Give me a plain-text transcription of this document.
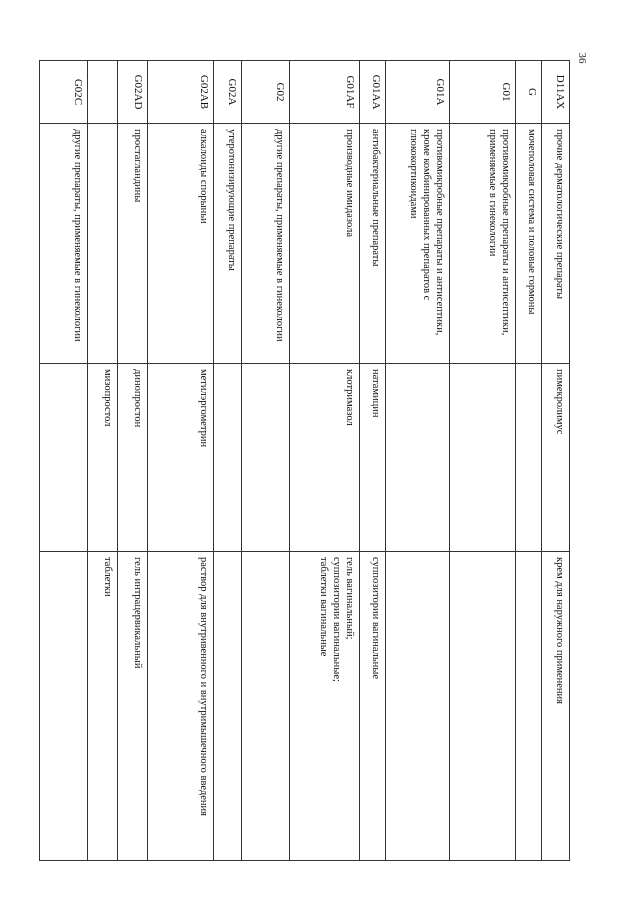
36
D11AX	прочие дерматологические препараты	пимекролимус	крем для наружного применения

G	мочеполовая система и половые гормоны		
G01	противомикробные препараты и антисептики, применяемые в гинекологии		
G01A	противомикробные препараты и антисептики, кроме комбинированных препаратов с глюкокортикоидами		
G01AA	антибактериальные препараты	натамицин	суппозитории вагинальные

G01AF	производные имидазола	клотримазол	гель вагинальный;
суппозитории вагинальные;
таблетки вагинальные

G02	другие препараты, применяемые в гинекологии		
G02A	утеротонизирующие препараты		
G02AB	алкалоиды спорыньи	метилэргометрин	раствор для внутривенного и внутримышечного введения

G02AD	простагландины	динопростон	гель интрацервикальный

		мизопростол	таблетки

G02C	другие препараты, применяемые в гинекологии		
